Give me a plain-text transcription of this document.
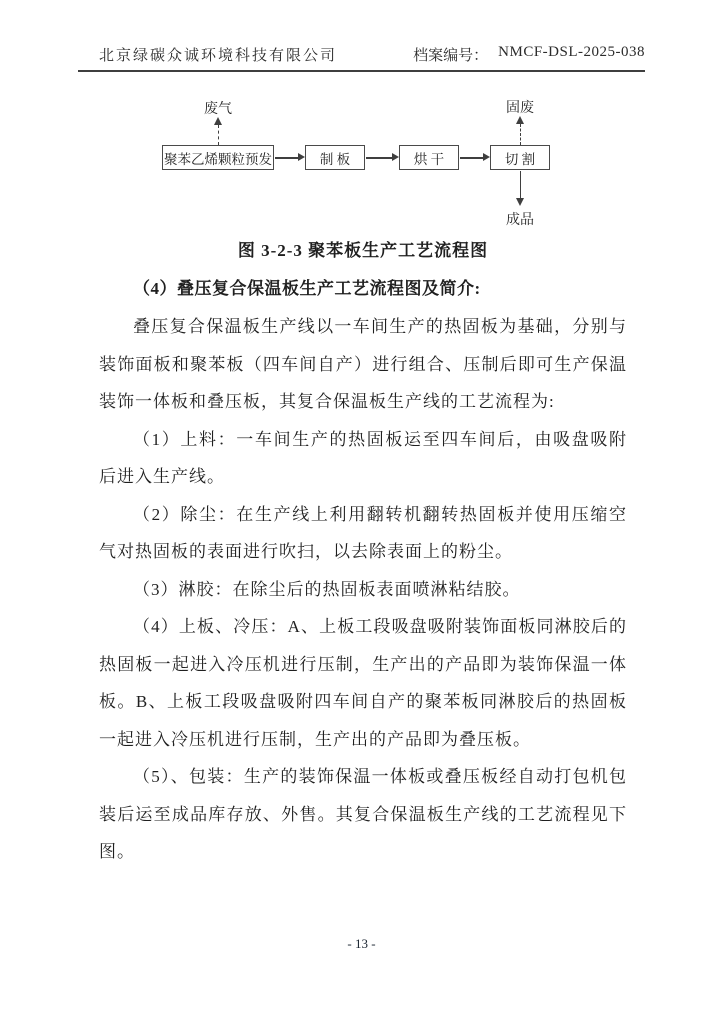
北京绿碳众诚环境科技有限公司	档案编号： NMCF-DSL-2025-038
废气
聚苯乙烯颗粒预发	制 板	烘 干	切 割
固废
成品

图 3-2-3 聚苯板生产工艺流程图

（4）叠压复合保温板生产工艺流程图及简介:

叠压复合保温板生产线以一车间生产的热固板为基础，分别与装饰面板和聚苯板（四车间自产）进行组合、压制后即可生产保温装饰一体板和叠压板，其复合保温板生产线的工艺流程为:

（1）上料：一车间生产的热固板运至四车间后，由吸盘吸附后进入生产线。

（2）除尘：在生产线上利用翻转机翻转热固板并使用压缩空气对热固板的表面进行吹扫，以去除表面上的粉尘。

（3）淋胶：在除尘后的热固板表面喷淋粘结胶。

（4）上板、冷压：A、上板工段吸盘吸附装饰面板同淋胶后的热固板一起进入冷压机进行压制，生产出的产品即为装饰保温一体板。B、上板工段吸盘吸附四车间自产的聚苯板同淋胶后的热固板一起进入冷压机进行压制，生产出的产品即为叠压板。

（5）、包装：生产的装饰保温一体板或叠压板经自动打包机包装后运至成品库存放、外售。其复合保温板生产线的工艺流程见下图。

- 13 -
